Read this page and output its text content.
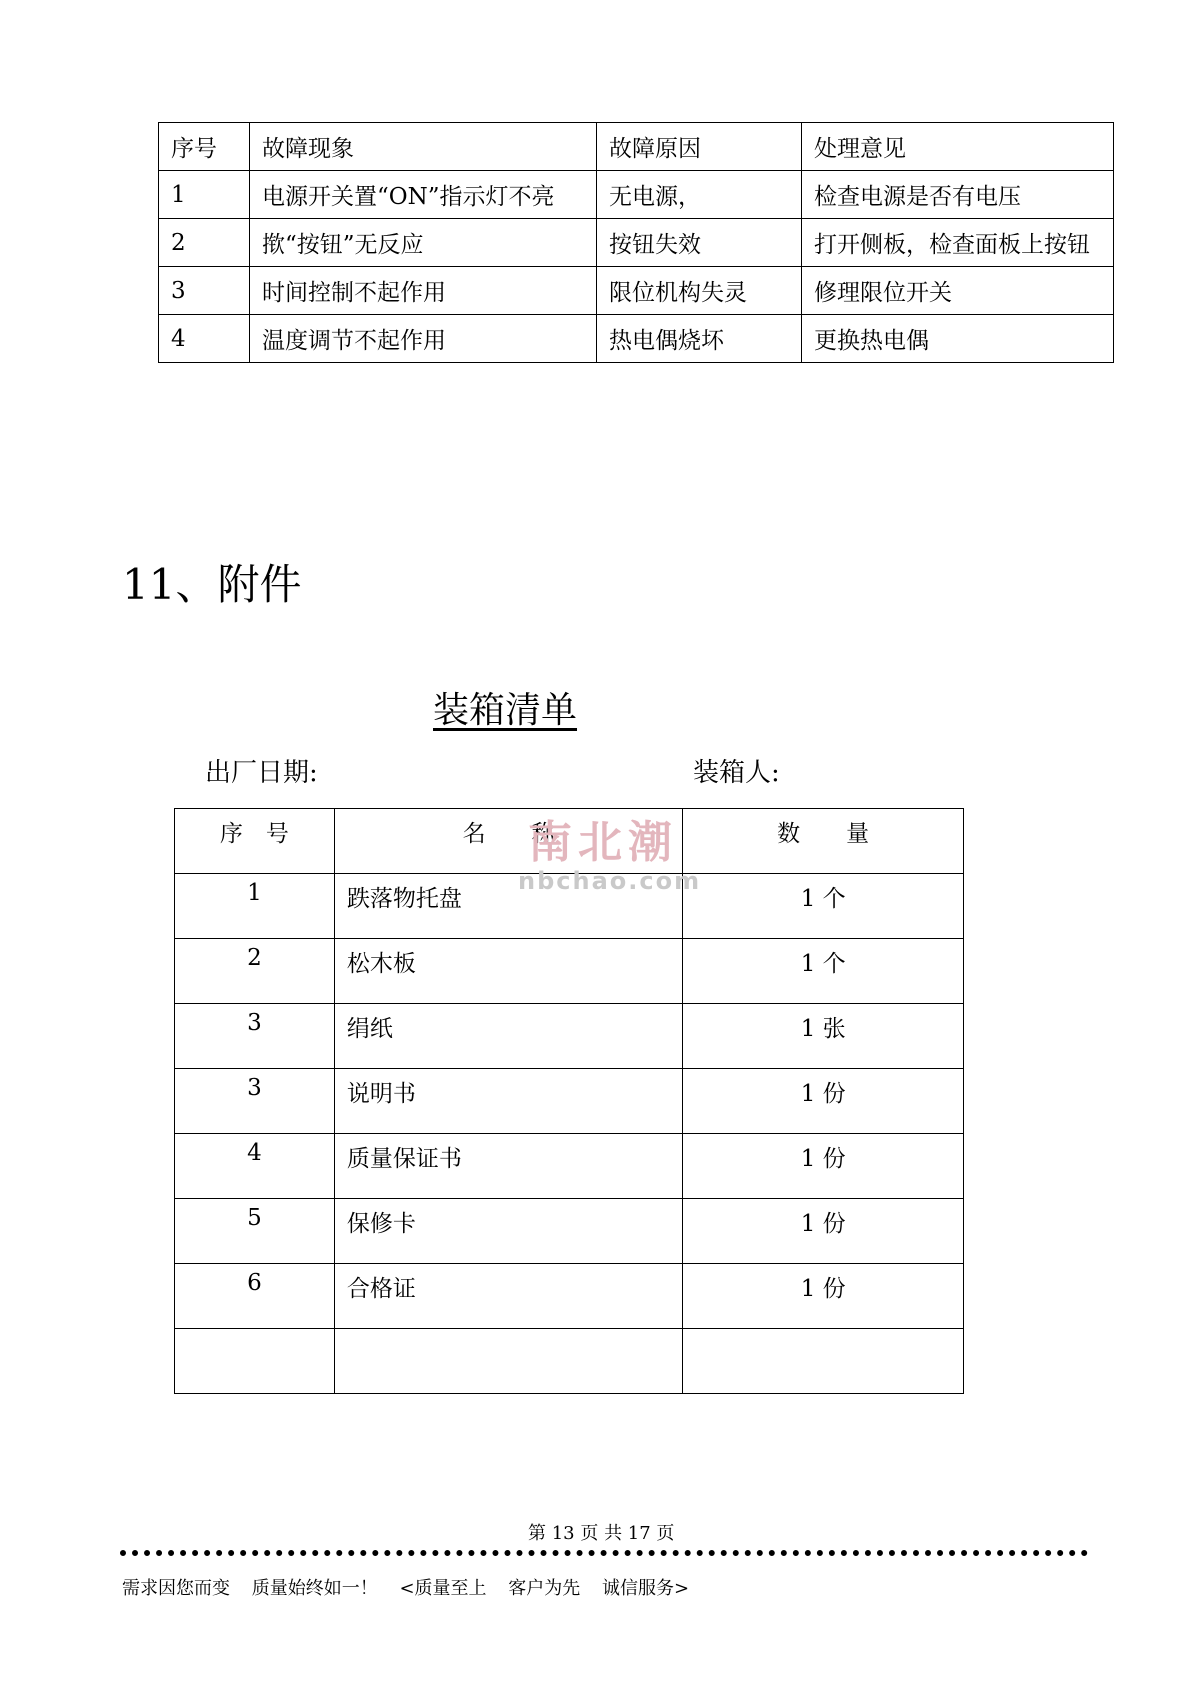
序号	故障现象	故障原因	处理意见
1	电源开关置“ON”指示灯不亮	无电源，	检查电源是否有电压
2	揿“按钮”无反应	按钮失效	打开侧板，检查面板上按钮
3	时间控制不起作用	限位机构失灵	修理限位开关
4	温度调节不起作用	热电偶烧坏	更换热电偶
11、附件
装箱清单
出厂日期:	装箱人:
序　号	名　　称	数　　量
1	跌落物托盘	1 个
2	松木板	1 个
3	绢纸	1 张
3	说明书	1 份
4	质量保证书	1 份
5	保修卡	1 份
6	合格证	1 份

南北潮
nbchao.com
第 13 页 共 17 页
需求因您而变 质量始终如一！ <质量至上 客户为先 诚信服务>
